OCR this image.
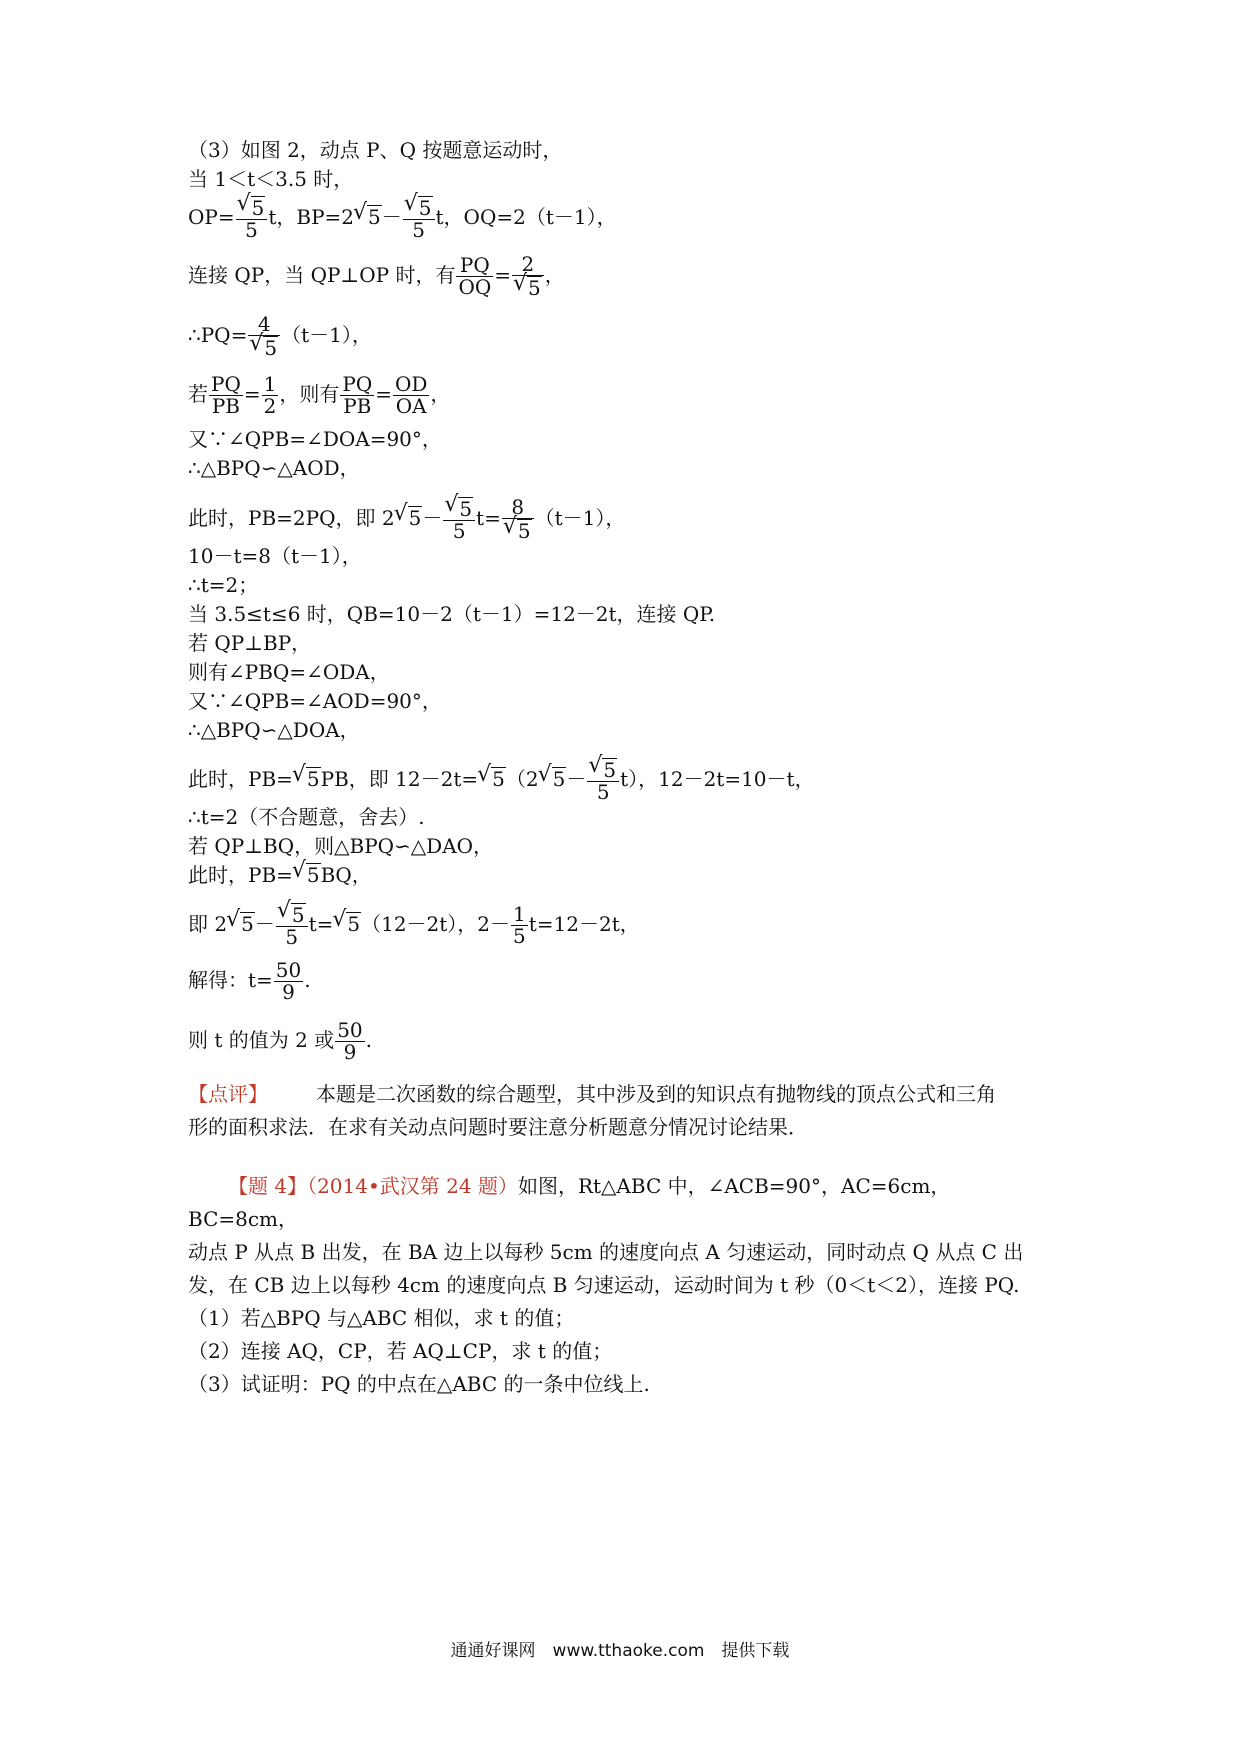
（3）如图 2，动点 P、Q 按题意运动时，
当 1＜t＜3.5 时，
OP=
√ $\frac{5}{5}$ t，BP=2√ 5－
√ $\frac{5}{5}$ t，OQ=2（t－1），
连接 QP，当 QP⊥OP 时，有 $\frac{PQ}{OQ} = 2$
√ 5 ，
∴PQ= 4
√ 5 （t－1），
若 $\frac{PQ}{PB} = \frac{1}{2}$ ，则有 $\frac{PQ}{PB} = \frac{OD}{OA}$ ，
又∵∠QPB=∠DOA=90°，
∴△BPQ∽△AOD，
此时，PB=2PQ，即 2√ 5－
√ $\frac{5}{5} t= 8$
√ 5 （t－1），
10－t=8（t－1），
∴t=2；
当 3.5≤t≤6 时，QB=10－2（t－1）=12－2t，连接 QP.
若 QP⊥BP，
则有∠PBQ=∠ODA，
又∵∠QPB=∠AOD=90°，
∴△BPQ∽△DOA，
此时，PB=√ 5PB，即 12－2t=√ 5（2√ 5－
√ $\frac{5}{5} t$），12－2t=10－t，
∴t=2（不合题意，舍去）.
若 QP⊥BQ，则△BPQ∽△DAO，
此时，PB=√ 5BQ，
即 2√ 5－
√ $\frac{5}{5} t=√$ 5（12－2t），$2- \frac{1}{5} t=12-2t$，
解得：$t= \frac{50}{9}$ .
则 t 的值为 2 或 $\frac{50}{9}$ .
【点评】 本题是二次函数的综合题型，其中涉及到的知识点有抛物线的顶点公式和三角
形的面积求法．在求有关动点问题时要注意分析题意分情况讨论结果．
【题 4】（2014•武汉第 24 题）如图，Rt△ABC 中，∠ACB=90°，AC=6cm，BC=8cm，
动点 P 从点 B 出发，在 BA 边上以每秒 5cm 的速度向点 A 匀速运动，同时动点 Q 从点 C 出
发，在 CB 边上以每秒 4cm 的速度向点 B 匀速运动，运动时间为 t 秒（0＜t＜2），连接 PQ.
（1）若△BPQ 与△ABC 相似，求 t 的值；
（2）连接 AQ，CP，若 AQ⊥CP，求 t 的值；
（3）试证明：PQ 的中点在△ABC 的一条中位线上.
通通好课网　www.tthaoke.com　提供下载
